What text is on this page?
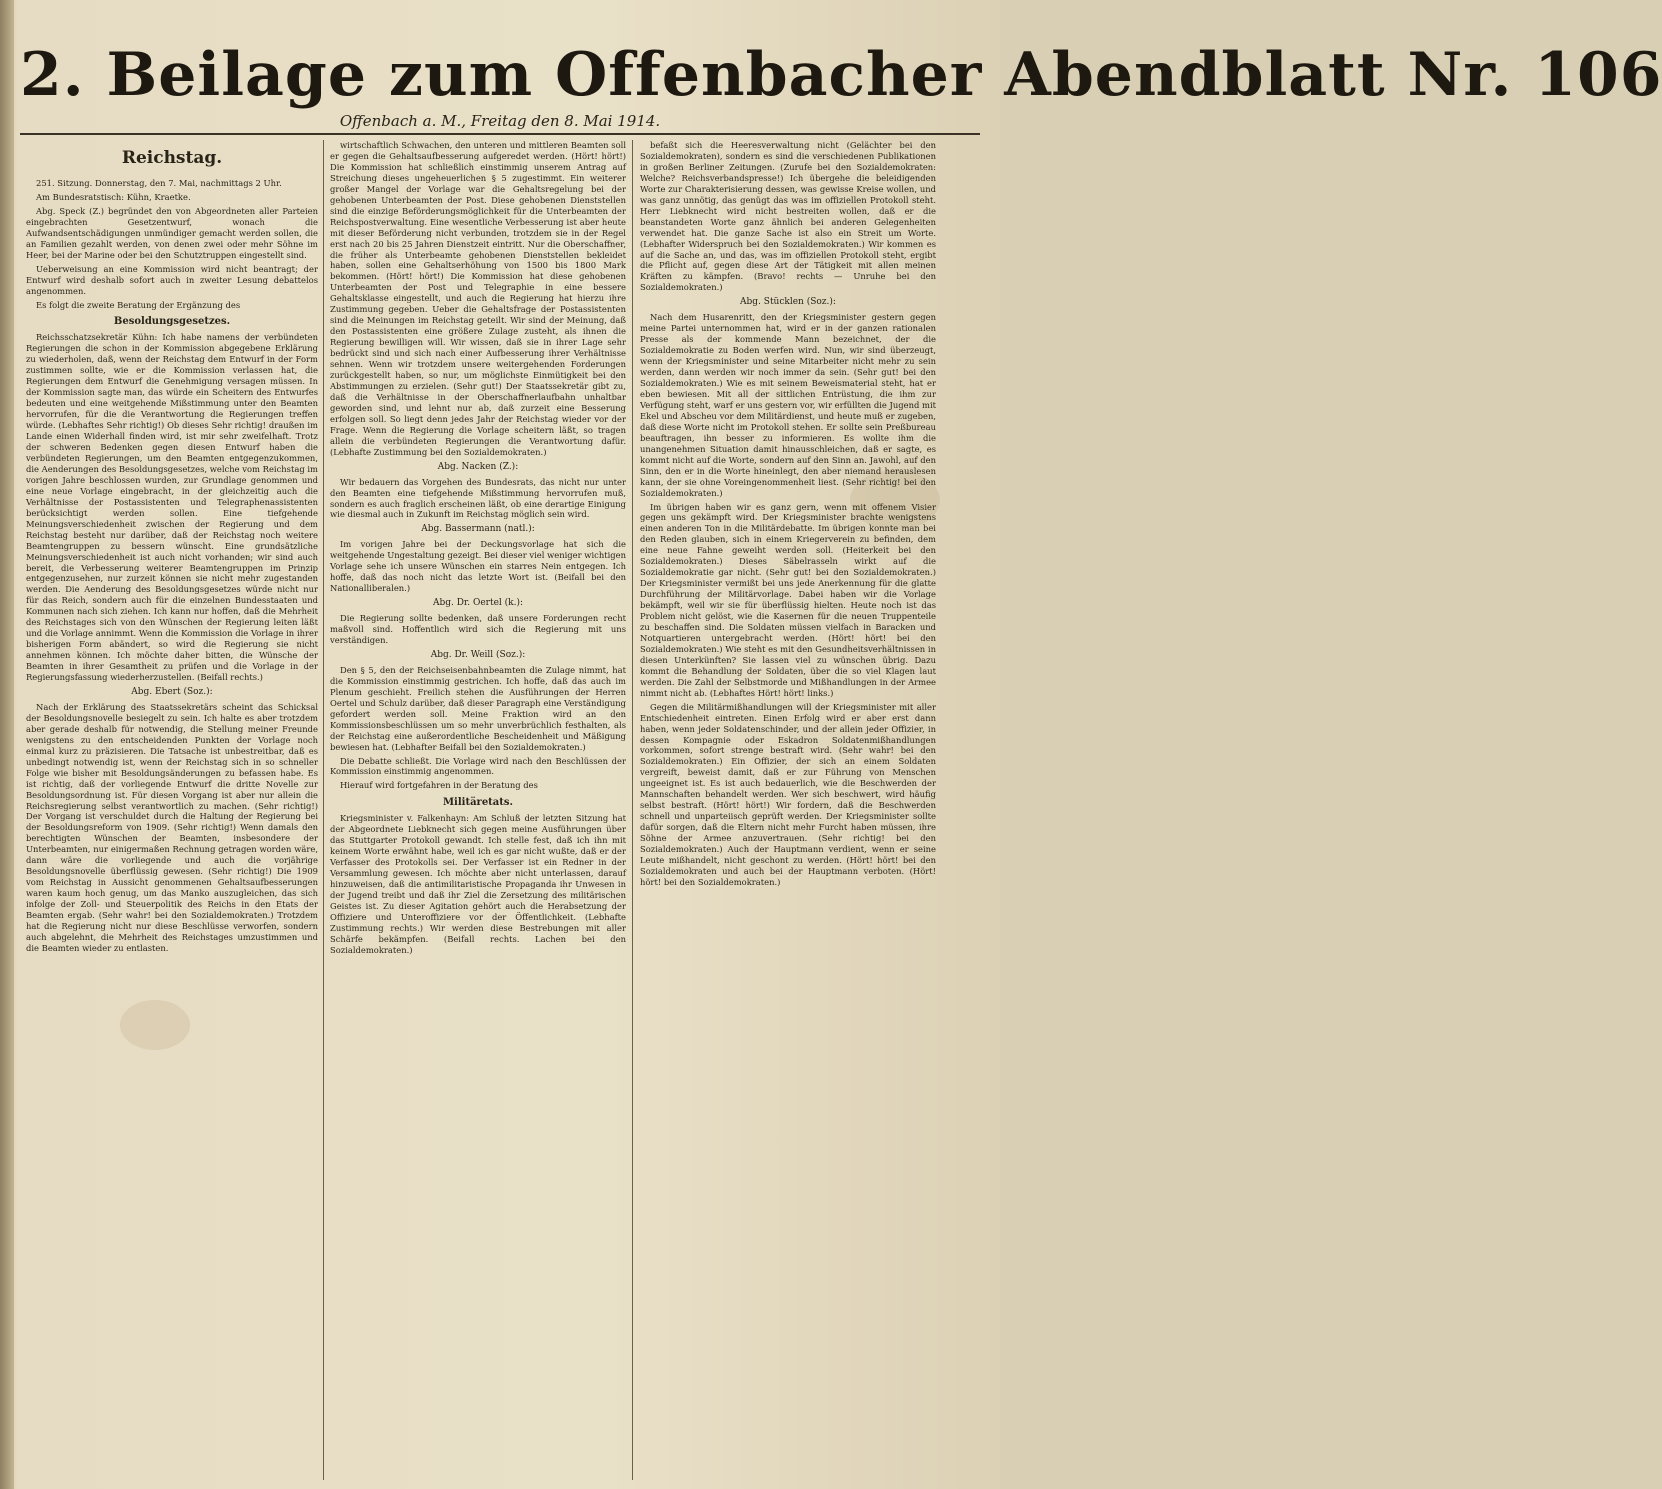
2. Beilage zum Offenbacher Abendblatt Nr. 106
Offenbach a. M., Freitag den 8. Mai 1914.
Reichstag.

251. Sitzung. Donnerstag, den 7. Mai, nachmittags 2 Uhr.

Am Bundesratstisch: Kühn, Kraetke.

Abg. Speck (Z.) begründet den von Abgeordneten aller Parteien eingebrachten Gesetzentwurf, wonach die Aufwandsentschädigungen unmündiger gemacht werden sollen, die an Familien gezahlt werden, von denen zwei oder mehr Söhne im Heer, bei der Marine oder bei den Schutztruppen eingestellt sind.

Ueberweisung an eine Kommission wird nicht beantragt; der Entwurf wird deshalb sofort auch in zweiter Lesung debattelos angenommen.

Es folgt die zweite Beratung der Ergänzung des

Besoldungsgesetzes.

Reichsschatzsekretär Kühn: Ich habe namens der verbündeten Regierungen die schon in der Kommission abgegebene Erklärung zu wiederholen, daß, wenn der Reichstag dem Entwurf in der Form zustimmen sollte, wie er die Kommission verlassen hat, die Regierungen dem Entwurf die Genehmigung versagen müssen. In der Kommission sagte man, das würde ein Scheitern des Entwurfes bedeuten und eine weitgehende Mißstimmung unter den Beamten hervorrufen, für die die Verantwortung die Regierungen treffen würde. (Lebhaftes Sehr richtig!) Ob dieses Sehr richtig! draußen im Lande einen Widerhall finden wird, ist mir sehr zweifelhaft. Trotz der schweren Bedenken gegen diesen Entwurf haben die verbündeten Regierungen, um den Beamten entgegenzukommen, die Aenderungen des Besoldungsgesetzes, welche vom Reichstag im vorigen Jahre beschlossen wurden, zur Grundlage genommen und eine neue Vorlage eingebracht, in der gleichzeitig auch die Verhältnisse der Postassistenten und Telegraphenassistenten berücksichtigt werden sollen. Eine tiefgehende Meinungsverschiedenheit zwischen der Regierung und dem Reichstag besteht nur darüber, daß der Reichstag noch weitere Beamtengruppen zu bessern wünscht. Eine grundsätzliche Meinungsverschiedenheit ist auch nicht vorhanden; wir sind auch bereit, die Verbesserung weiterer Beamtengruppen im Prinzip entgegenzusehen, nur zurzeit können sie nicht mehr zugestanden werden. Die Aenderung des Besoldungsgesetzes würde nicht nur für das Reich, sondern auch für die einzelnen Bundesstaaten und Kommunen nach sich ziehen. Ich kann nur hoffen, daß die Mehrheit des Reichstages sich von den Wünschen der Regierung leiten läßt und die Vorlage annimmt. Wenn die Kommission die Vorlage in ihrer bisherigen Form abändert, so wird die Regierung sie nicht annehmen können. Ich möchte daher bitten, die Wünsche der Beamten in ihrer Gesamtheit zu prüfen und die Vorlage in der Regierungsfassung wiederherzustellen. (Beifall rechts.)

Abg. Ebert (Soz.):

Nach der Erklärung des Staatssekretärs scheint das Schicksal der Besoldungsnovelle besiegelt zu sein. Ich halte es aber trotzdem aber gerade deshalb für notwendig, die Stellung meiner Freunde wenigstens zu den entscheidenden Punkten der Vorlage noch einmal kurz zu präzisieren. Die Tatsache ist unbestreitbar, daß es unbedingt notwendig ist, wenn der Reichstag sich in so schneller Folge wie bisher mit Besoldungsänderungen zu befassen habe. Es ist richtig, daß der vorliegende Entwurf die dritte Novelle zur Besoldungsordnung ist. Für diesen Vorgang ist aber nur allein die Reichsregierung selbst verantwortlich zu machen. (Sehr richtig!) Der Vorgang ist verschuldet durch die Haltung der Regierung bei der Besoldungsreform von 1909. (Sehr richtig!) Wenn damals den berechtigten Wünschen der Beamten, insbesondere der Unterbeamten, nur einigermaßen Rechnung getragen worden wäre, dann wäre die vorliegende und auch die vorjährige Besoldungsnovelle überflüssig gewesen. (Sehr richtig!) Die 1909 vom Reichstag in Aussicht genommenen Gehaltsaufbesserungen waren kaum hoch genug, um das Manko auszugleichen, das sich infolge der Zoll- und Steuerpolitik des Reichs in den Etats der Beamten ergab. (Sehr wahr! bei den Sozialdemokraten.) Trotzdem hat die Regierung nicht nur diese Beschlüsse verworfen, sondern auch abgelehnt, die Mehrheit des Reichstages umzustimmen und die Beamten wieder zu entlasten.

wirtschaftlich Schwachen, den unteren und mittleren Beamten soll er gegen die Gehaltsaufbesserung aufgeredet werden. (Hört! hört!) Die Kommission hat schließlich einstimmig unserem Antrag auf Streichung dieses ungeheuerlichen § 5 zugestimmt. Ein weiterer großer Mangel der Vorlage war die Gehaltsregelung bei der gehobenen Unterbeamten der Post. Diese gehobenen Dienststellen sind die einzige Beförderungsmöglichkeit für die Unterbeamten der Reichspostverwaltung. Eine wesentliche Verbesserung ist aber heute mit dieser Beförderung nicht verbunden, trotzdem sie in der Regel erst nach 20 bis 25 Jahren Dienstzeit eintritt. Nur die Oberschaffner, die früher als Unterbeamte gehobenen Dienststellen bekleidet haben, sollen eine Gehaltserhöhung von 1500 bis 1800 Mark bekommen. (Hört! hört!) Die Kommission hat diese gehobenen Unterbeamten der Post und Telegraphie in eine bessere Gehaltsklasse eingestellt, und auch die Regierung hat hierzu ihre Zustimmung gegeben. Ueber die Gehaltsfrage der Postassistenten sind die Meinungen im Reichstag geteilt. Wir sind der Meinung, daß den Postassistenten eine größere Zulage zusteht, als ihnen die Regierung bewilligen will. Wir wissen, daß sie in ihrer Lage sehr bedrückt sind und sich nach einer Aufbesserung ihrer Verhältnisse sehnen. Wenn wir trotzdem unsere weitergehenden Forderungen zurückgestellt haben, so nur, um möglichste Einmütigkeit bei den Abstimmungen zu erzielen. (Sehr gut!) Der Staatssekretär gibt zu, daß die Verhältnisse in der Oberschaffnerlaufbahn unhaltbar geworden sind, und lehnt nur ab, daß zurzeit eine Besserung erfolgen soll. So liegt denn jedes Jahr der Reichstag wieder vor der Frage. Wenn die Regierung die Vorlage scheitern läßt, so tragen allein die verbündeten Regierungen die Verantwortung dafür. (Lebhafte Zustimmung bei den Sozialdemokraten.)

Abg. Nacken (Z.):

Wir bedauern das Vorgehen des Bundesrats, das nicht nur unter den Beamten eine tiefgehende Mißstimmung hervorrufen muß, sondern es auch fraglich erscheinen läßt, ob eine derartige Einigung wie diesmal auch in Zukunft im Reichstag möglich sein wird.

Abg. Bassermann (natl.):

Im vorigen Jahre bei der Deckungsvorlage hat sich die weitgehende Ungestaltung gezeigt. Bei dieser viel weniger wichtigen Vorlage sehe ich unsere Wünschen ein starres Nein entgegen. Ich hoffe, daß das noch nicht das letzte Wort ist. (Beifall bei den Nationalliberalen.)

Abg. Dr. Oertel (k.):

Die Regierung sollte bedenken, daß unsere Forderungen recht maßvoll sind. Hoffentlich wird sich die Regierung mit uns verständigen.

Abg. Dr. Weill (Soz.):

Den § 5, den der Reichseisenbahnbeamten die Zulage nimmt, hat die Kommission einstimmig gestrichen. Ich hoffe, daß das auch im Plenum geschieht. Freilich stehen die Ausführungen der Herren Oertel und Schulz darüber, daß dieser Paragraph eine Verständigung gefordert werden soll. Meine Fraktion wird an den Kommissionsbeschlüssen um so mehr unverbrüchlich festhalten, als der Reichstag eine außerordentliche Bescheidenheit und Mäßigung bewiesen hat. (Lebhafter Beifall bei den Sozialdemokraten.)

Die Debatte schließt. Die Vorlage wird nach den Beschlüssen der Kommission einstimmig angenommen.

Hierauf wird fortgefahren in der Beratung des

Militäretats.

Kriegsminister v. Falkenhayn: Am Schluß der letzten Sitzung hat der Abgeordnete Liebknecht sich gegen meine Ausführungen über das Stuttgarter Protokoll gewandt. Ich stelle fest, daß ich ihn mit keinem Worte erwähnt habe, weil ich es gar nicht wußte, daß er der Verfasser des Protokolls sei. Der Verfasser ist ein Redner in der Versammlung gewesen. Ich möchte aber nicht unterlassen, darauf hinzuweisen, daß die antimilitaristische Propaganda ihr Unwesen in der Jugend treibt und daß ihr Ziel die Zersetzung des militärischen Geistes ist. Zu dieser Agitation gehört auch die Herabsetzung der Offiziere und Unteroffiziere vor der Öffentlichkeit. (Lebhafte Zustimmung rechts.) Wir werden diese Bestrebungen mit aller Schärfe bekämpfen. (Beifall rechts. Lachen bei den Sozialdemokraten.)

befaßt sich die Heeresverwaltung nicht (Gelächter bei den Sozialdemokraten), sondern es sind die verschiedenen Publikationen in großen Berliner Zeitungen. (Zurufe bei den Sozialdemokraten: Welche? Reichsverbandspresse!) Ich übergehe die beleidigenden Worte zur Charakterisierung dessen, was gewisse Kreise wollen, und was ganz unnötig, das genügt das was im offiziellen Protokoll steht. Herr Liebknecht wird nicht bestreiten wollen, daß er die beanstandeten Worte ganz ähnlich bei anderen Gelegenheiten verwendet hat. Die ganze Sache ist also ein Streit um Worte. (Lebhafter Widerspruch bei den Sozialdemokraten.) Wir kommen es auf die Sache an, und das, was im offiziellen Protokoll steht, ergibt die Pflicht auf, gegen diese Art der Tätigkeit mit allen meinen Kräften zu kämpfen. (Bravo! rechts — Unruhe bei den Sozialdemokraten.)

Abg. Stücklen (Soz.):

Nach dem Husarenritt, den der Kriegsminister gestern gegen meine Partei unternommen hat, wird er in der ganzen rationalen Presse als der kommende Mann bezeichnet, der die Sozialdemokratie zu Boden werfen wird. Nun, wir sind überzeugt, wenn der Kriegsminister und seine Mitarbeiter nicht mehr zu sein werden, dann werden wir noch immer da sein. (Sehr gut! bei den Sozialdemokraten.) Wie es mit seinem Beweismaterial steht, hat er eben bewiesen. Mit all der sittlichen Entrüstung, die ihm zur Verfügung steht, warf er uns gestern vor, wir erfüllten die Jugend mit Ekel und Abscheu vor dem Militärdienst, und heute muß er zugeben, daß diese Worte nicht im Protokoll stehen. Er sollte sein Preßbureau beauftragen, ihn besser zu informieren. Es wollte ihm die unangenehmen Situation damit hinausschleichen, daß er sagte, es kommt nicht auf die Worte, sondern auf den Sinn an. Jawohl, auf den Sinn, den er in die Worte hineinlegt, den aber niemand herauslesen kann, der sie ohne Voreingenommenheit liest. (Sehr richtig! bei den Sozialdemokraten.)

Im übrigen haben wir es ganz gern, wenn mit offenem Visier gegen uns gekämpft wird. Der Kriegsminister brachte wenigstens einen anderen Ton in die Militärdebatte. Im übrigen konnte man bei den Reden glauben, sich in einem Kriegerverein zu befinden, dem eine neue Fahne geweiht werden soll. (Heiterkeit bei den Sozialdemokraten.) Dieses Säbelrasseln wirkt auf die Sozialdemokratie gar nicht. (Sehr gut! bei den Sozialdemokraten.) Der Kriegsminister vermißt bei uns jede Anerkennung für die glatte Durchführung der Militärvorlage. Dabei haben wir die Vorlage bekämpft, weil wir sie für überflüssig hielten. Heute noch ist das Problem nicht gelöst, wie die Kasernen für die neuen Truppenteile zu beschaffen sind. Die Soldaten müssen vielfach in Baracken und Notquartieren untergebracht werden. (Hört! hört! bei den Sozialdemokraten.) Wie steht es mit den Gesundheitsverhältnissen in diesen Unterkünften? Sie lassen viel zu wünschen übrig. Dazu kommt die Behandlung der Soldaten, über die so viel Klagen laut werden. Die Zahl der Selbstmorde und Mißhandlungen in der Armee nimmt nicht ab. (Lebhaftes Hört! hört! links.)

Gegen die Militärmißhandlungen will der Kriegsminister mit aller Entschiedenheit eintreten. Einen Erfolg wird er aber erst dann haben, wenn jeder Soldatenschinder, und der allein jeder Offizier, in dessen Kompagnie oder Eskadron Soldatenmißhandlungen vorkommen, sofort strenge bestraft wird. (Sehr wahr! bei den Sozialdemokraten.) Ein Offizier, der sich an einem Soldaten vergreift, beweist damit, daß er zur Führung von Menschen ungeeignet ist. Es ist auch bedauerlich, wie die Beschwerden der Mannschaften behandelt werden. Wer sich beschwert, wird häufig selbst bestraft. (Hört! hört!) Wir fordern, daß die Beschwerden schnell und unparteiisch geprüft werden. Der Kriegsminister sollte dafür sorgen, daß die Eltern nicht mehr Furcht haben müssen, ihre Söhne der Armee anzuvertrauen. (Sehr richtig! bei den Sozialdemokraten.) Auch der Hauptmann verdient, wenn er seine Leute mißhandelt, nicht geschont zu werden. (Hört! hört! bei den Sozialdemokraten und auch bei der Hauptmann verboten. (Hört! hört! bei den Sozialdemokraten.)
